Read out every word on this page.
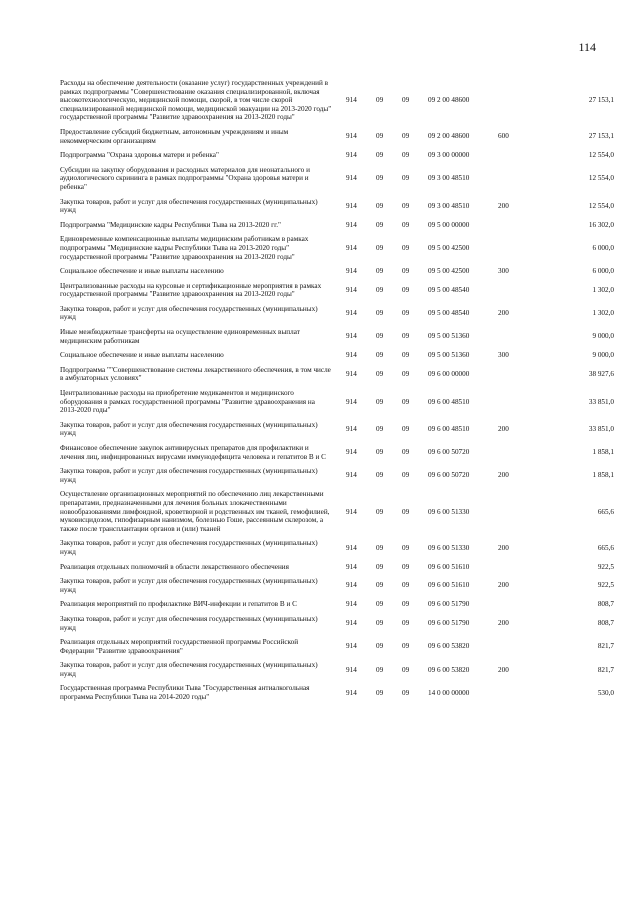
114
Расходы на обеспечение деятельности (оказание услуг) государственных учреждений в рамках подпрограммы "Совершенствование оказания специализированной, включая высокотехнологическую, медицинской помощи, скорой, в том числе скорой специализированной медицинской помощи, медицинской эвакуации на 2013-2020 годы" государственной программы "Развитие здравоохранения на 2013-2020 годы"	914	09	09	09 2 00 48600		27 153,1
Предоставление субсидий бюджетным, автономным учреждениям и иным некоммерческим организациям	914	09	09	09 2 00 48600	600	27 153,1
Подпрограмма "Охрана здоровья матери и ребенка"	914	09	09	09 3 00 00000		12 554,0
Субсидии на закупку оборудования и расходных материалов для неонатального и аудиологического скрининга в рамках подпрограммы "Охрана здоровья матери и ребенка"	914	09	09	09 3 00 48510		12 554,0
Закупка товаров, работ и услуг для обеспечения государственных (муниципальных) нужд	914	09	09	09 3 00 48510	200	12 554,0
Подпрограмма "Медицинские кадры Республики Тыва на 2013-2020 гг."	914	09	09	09 5 00 00000		16 302,0
Единовременные компенсационные выплаты медицинским работникам в рамках подпрограммы "Медицинские кадры Республики Тыва на 2013-2020 годы" государственной программы "Развитие здравоохранения на 2013-2020 годы"	914	09	09	09 5 00 42500		6 000,0
Социальное обеспечение и иные выплаты населению	914	09	09	09 5 00 42500	300	6 000,0
Централизованные расходы на курсовые и сертификационные мероприятия в рамках государственной программы "Развитие здравоохранения на 2013-2020 годы"	914	09	09	09 5 00 48540		1 302,0
Закупка товаров, работ и услуг для обеспечения государственных (муниципальных) нужд	914	09	09	09 5 00 48540	200	1 302,0
Иные межбюджетные трансферты на осуществление единовременных выплат медицинским работникам	914	09	09	09 5 00 51360		9 000,0
Социальное обеспечение и иные выплаты населению	914	09	09	09 5 00 51360	300	9 000,0
Подпрограмма ""Совершенствование системы лекарственного обеспечения, в том числе в амбулаторных условиях"	914	09	09	09 6 00 00000		38 927,6
Централизованные расходы на приобретение медикаментов и медицинского оборудования в рамках государственной программы "Развитие здравоохранения на 2013-2020 годы"	914	09	09	09 6 00 48510		33 851,0
Закупка товаров, работ и услуг для обеспечения государственных (муниципальных) нужд	914	09	09	09 6 00 48510	200	33 851,0
Финансовое обеспечение закупок антивирусных препаратов для профилактики и лечения лиц, инфицированных вирусами иммунодефицита человека и гепатитов B и C	914	09	09	09 6 00 50720		1 858,1
Закупка товаров, работ и услуг для обеспечения государственных (муниципальных) нужд	914	09	09	09 6 00 50720	200	1 858,1
Осуществление организационных мероприятий по обеспечению лиц лекарственными препаратами, предназначенными для лечения больных злокачественными новообразованиями лимфоидной, кроветворной и родственных им тканей, гемофилией, муковисцидозом, гипофизарным нанизмом, болезнью Гоше, рассеянным склерозом, а также после трансплантации органов и (или) тканей	914	09	09	09 6 00 51330		665,6
Закупка товаров, работ и услуг для обеспечения государственных (муниципальных) нужд	914	09	09	09 6 00 51330	200	665,6
Реализация отдельных полномочий в области лекарственного обеспечения	914	09	09	09 6 00 51610		922,5
Закупка товаров, работ и услуг для обеспечения государственных (муниципальных) нужд	914	09	09	09 6 00 51610	200	922,5
Реализация мероприятий по профилактике ВИЧ-инфекции и гепатитов B и C	914	09	09	09 6 00 51790		808,7
Закупка товаров, работ и услуг для обеспечения государственных (муниципальных) нужд	914	09	09	09 6 00 51790	200	808,7
Реализация отдельных мероприятий государственной программы Российской Федерации "Развитие здравоохранения"	914	09	09	09 6 00 53820		821,7
Закупка товаров, работ и услуг для обеспечения государственных (муниципальных) нужд	914	09	09	09 6 00 53820	200	821,7
Государственная программа Республики Тыва "Государственная антиалкогольная программа Республики Тыва на 2014-2020 годы"	914	09	09	14 0 00 00000		530,0
